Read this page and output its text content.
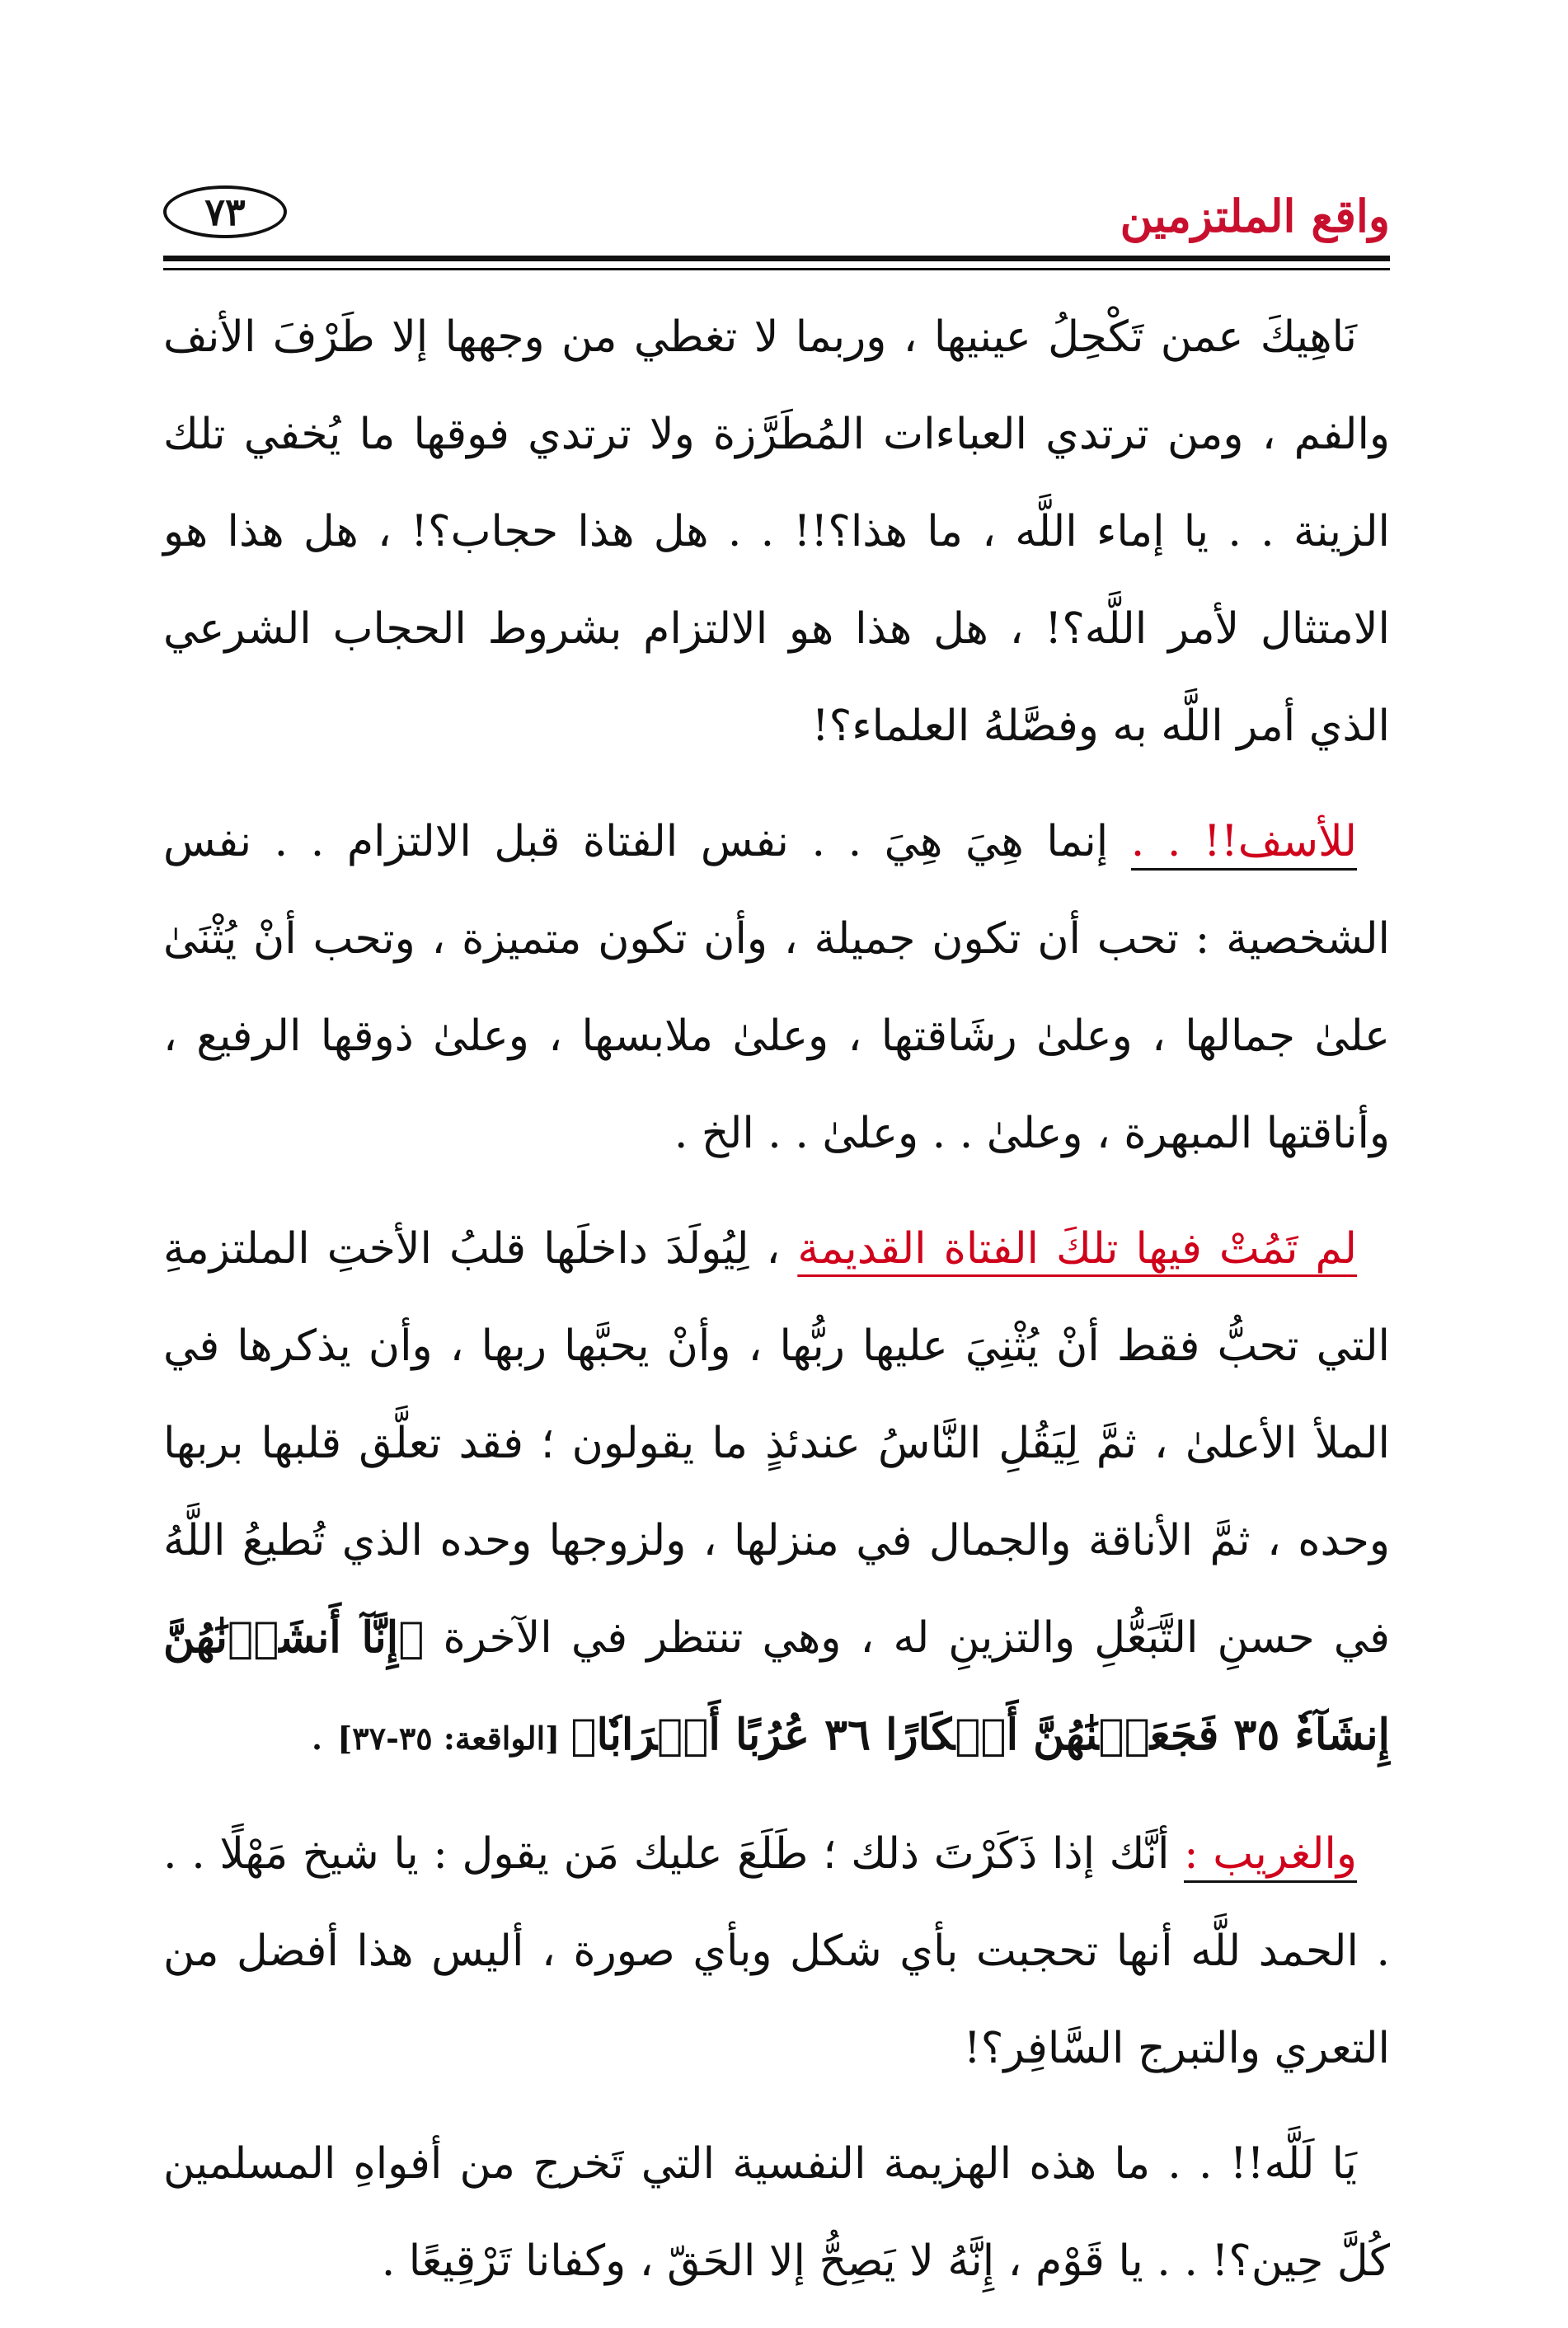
واقع الملتزمين
٧٣

نَاهِيكَ عمن تَكْحِلُ عينيها ، وربما لا تغطي من وجهها إلا طَرْفَ الأنف والفم ، ومن ترتدي العباءات المُطَرَّزة ولا ترتدي فوقها ما يُخفي تلك الزينة . . يا إماء اللَّه ، ما هذا؟!! . . هل هذا حجاب؟! ، هل هذا هو الامتثال لأمر اللَّه؟! ، هل هذا هو الالتزام بشروط الحجاب الشرعي الذي أمر اللَّه به وفصَّلهُ العلماء؟!

للأسف!! . . إنما هِيَ هِيَ . . نفس الفتاة قبل الالتزام . . نفس الشخصية : تحب أن تكون جميلة ، وأن تكون متميزة ، وتحب أنْ يُثْنَىٰ علىٰ جمالها ، وعلىٰ رشَاقتها ، وعلىٰ ملابسها ، وعلىٰ ذوقها الرفيع ، وأناقتها المبهرة ، وعلىٰ . . وعلىٰ . . الخ .

لم تَمُتْ فيها تلكَ الفتاة القديمة ، لِيُولَدَ داخلَها قلبُ الأختِ الملتزمةِ التي تحبُّ فقط أنْ يُثْنِيَ عليها ربُّها ، وأنْ يحبَّها ربها ، وأن يذكرها في الملأ الأعلىٰ ، ثمَّ لِيَقُلِ النَّاسُ عندئذٍ ما يقولون ؛ فقد تعلَّق قلبها بربها وحده ، ثمَّ الأناقة والجمال في منزلها ، ولزوجها وحده الذي تُطيعُ اللَّهُ في حسنِ التَّبَعُّلِ والتزينِ له ، وهي تنتظر في الآخرة ﴿إِنَّآ أَنشَأۡنَٰهُنَّ إِنشَآءٗ ٣٥ فَجَعَلۡنَٰهُنَّ أَبۡكَارًا ٣٦ عُرُبًا أَتۡرَابٗا﴾ [الواقعة: ٣٥-٣٧] .

والغريب : أنَّك إذا ذَكَرْتَ ذلك ؛ طَلَعَ عليك مَن يقول : يا شيخ مَهْلًا . . . الحمد للَّه أنها تحجبت بأي شكل وبأي صورة ، أليس هذا أفضل من التعري والتبرج السَّافِر؟!

يَا لَلَّه!! . . ما هذه الهزيمة النفسية التي تَخرج من أفواهِ المسلمين كُلَّ حِين؟! . . يا قَوْم ، إِنَّهُ لا يَصِحُّ إلا الحَقّ ، وكفانا تَرْقِيعًا .
